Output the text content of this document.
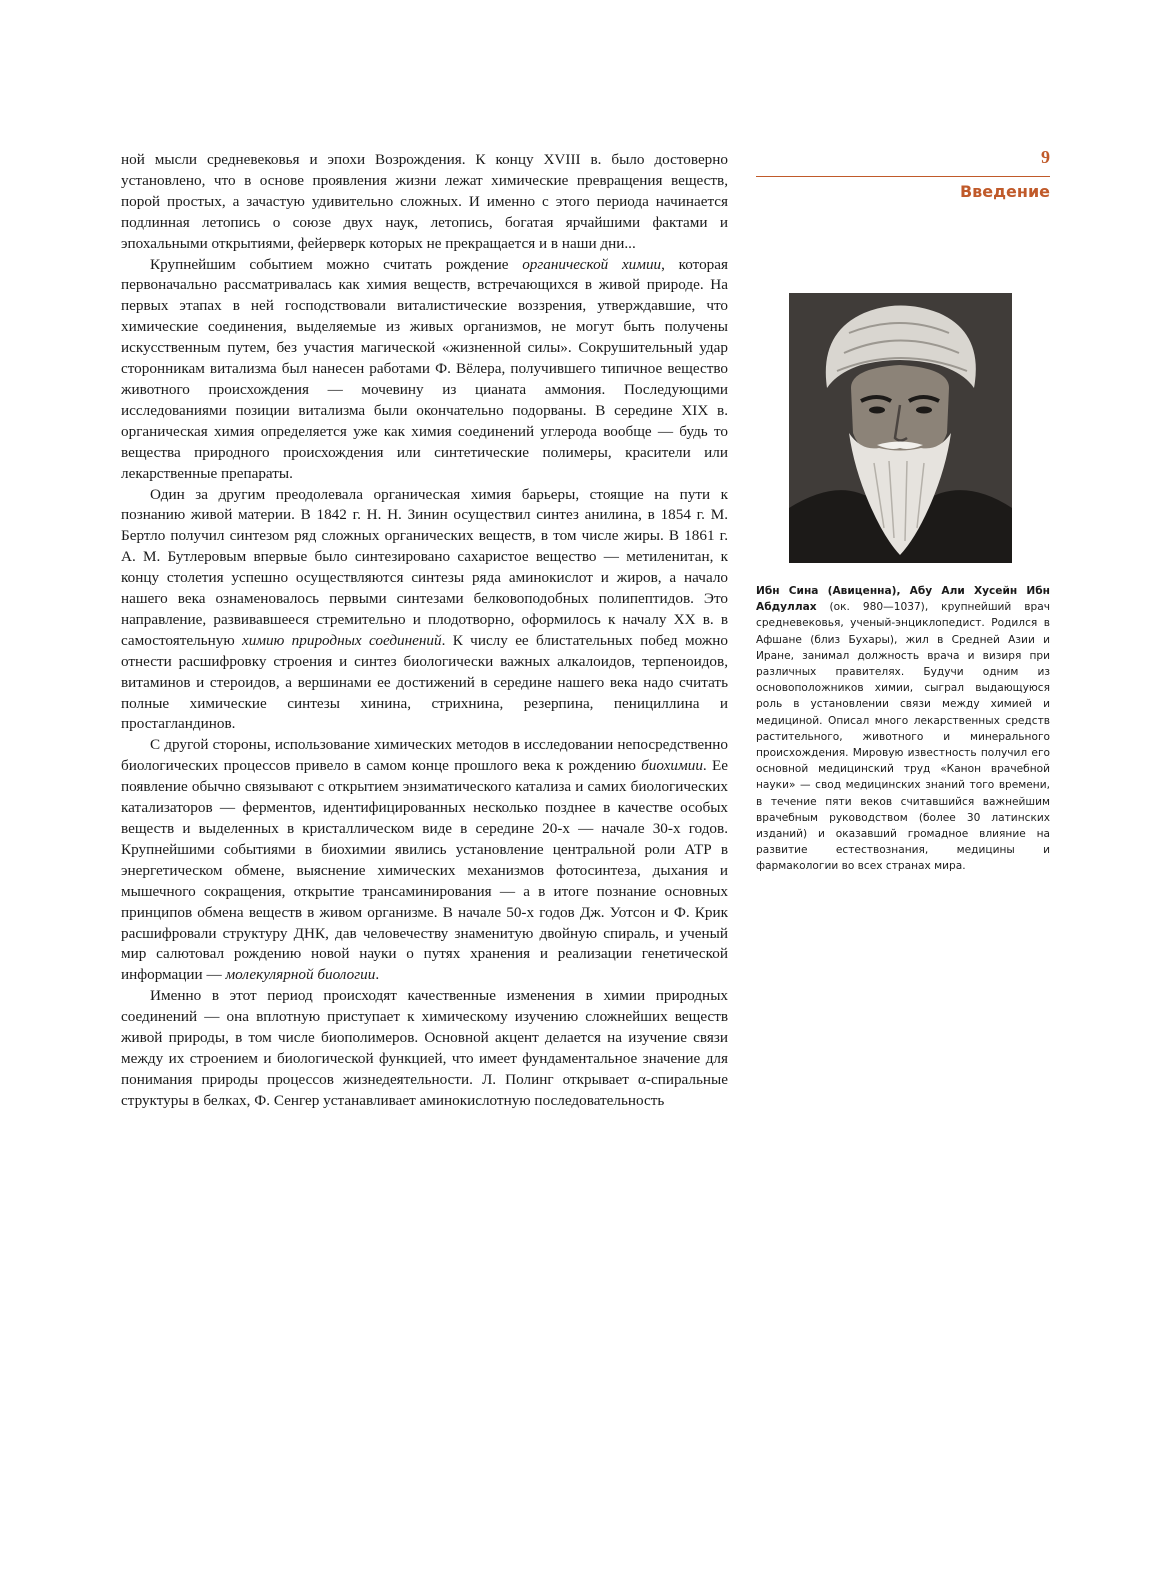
ной мысли средневековья и эпохи Возрождения. К концу XVIII в. было достоверно установлено, что в основе проявления жизни лежат химические превращения веществ, порой простых, а зачастую удивительно сложных. И именно с этого периода начинается подлинная летопись о союзе двух наук, летопись, богатая ярчайшими фактами и эпохальными открытиями, фейерверк которых не прекращается и в наши дни...

Крупнейшим событием можно считать рождение органической химии, которая первоначально рассматривалась как химия веществ, встречающихся в живой природе. На первых этапах в ней господствовали виталистические воззрения, утверждавшие, что химические соединения, выделяемые из живых организмов, не могут быть получены искусственным путем, без участия магической «жизненной силы». Сокрушительный удар сторонникам витализма был нанесен работами Ф. Вёлера, получившего типичное вещество животного происхождения — мочевину из цианата аммония. Последующими исследованиями позиции витализма были окончательно подорваны. В середине XIX в. органическая химия определяется уже как химия соединений углерода вообще — будь то вещества природного происхождения или синтетические полимеры, красители или лекарственные препараты.

Один за другим преодолевала органическая химия барьеры, стоящие на пути к познанию живой материи. В 1842 г. Н. Н. Зинин осуществил синтез анилина, в 1854 г. М. Бертло получил синтезом ряд сложных органических веществ, в том числе жиры. В 1861 г. А. М. Бутлеровым впервые было синтезировано сахаристое вещество — метиленитан, к концу столетия успешно осуществляются синтезы ряда аминокислот и жиров, а начало нашего века ознаменовалось первыми синтезами белковоподобных полипептидов. Это направление, развивавшееся стремительно и плодотворно, оформилось к началу XX в. в самостоятельную химию природных соединений. К числу ее блистательных побед можно отнести расшифровку строения и синтез биологически важных алкалоидов, терпеноидов, витаминов и стероидов, а вершинами ее достижений в середине нашего века надо считать полные химические синтезы хинина, стрихнина, резерпина, пенициллина и простагландинов.

С другой стороны, использование химических методов в исследовании непосредственно биологических процессов привело в самом конце прошлого века к рождению биохимии. Ее появление обычно связывают с открытием энзиматического катализа и самих биологических катализаторов — ферментов, идентифицированных несколько позднее в качестве особых веществ и выделенных в кристаллическом виде в середине 20-х — начале 30-х годов. Крупнейшими событиями в биохимии явились установление центральной роли АТР в энергетическом обмене, выяснение химических механизмов фотосинтеза, дыхания и мышечного сокращения, открытие трансаминирования — а в итоге познание основных принципов обмена веществ в живом организме. В начале 50-х годов Дж. Уотсон и Ф. Крик расшифровали структуру ДНК, дав человечеству знаменитую двойную спираль, и ученый мир салютовал рождению новой науки о путях хранения и реализации генетической информации — молекулярной биологии.

Именно в этот период происходят качественные изменения в химии природных соединений — она вплотную приступает к химическому изучению сложнейших веществ живой природы, в том числе биополимеров. Основной акцент делается на изучение связи между их строением и биологической функцией, что имеет фундаментальное значение для понимания природы процессов жизнедеятельности. Л. Полинг открывает α-спиральные структуры в белках, Ф. Сенгер устанавливает аминокислотную последовательность

9
Введение
Ибн Сина (Авиценна), Абу Али Хусейн Ибн Абдуллах (ок. 980—1037), крупнейший врач средневековья, ученый-энциклопедист. Родился в Афшане (близ Бухары), жил в Средней Азии и Иране, занимал должность врача и визиря при различных правителях. Будучи одним из основоположников химии, сыграл выдающуюся роль в установлении связи между химией и медициной. Описал много лекарственных средств растительного, животного и минерального происхождения. Мировую известность получил его основной медицинский труд «Канон врачебной науки» — свод медицинских знаний того времени, в течение пяти веков считавшийся важнейшим врачебным руководством (более 30 латинских изданий) и оказавший громадное влияние на развитие естествознания, медицины и фармакологии во всех странах мира.
